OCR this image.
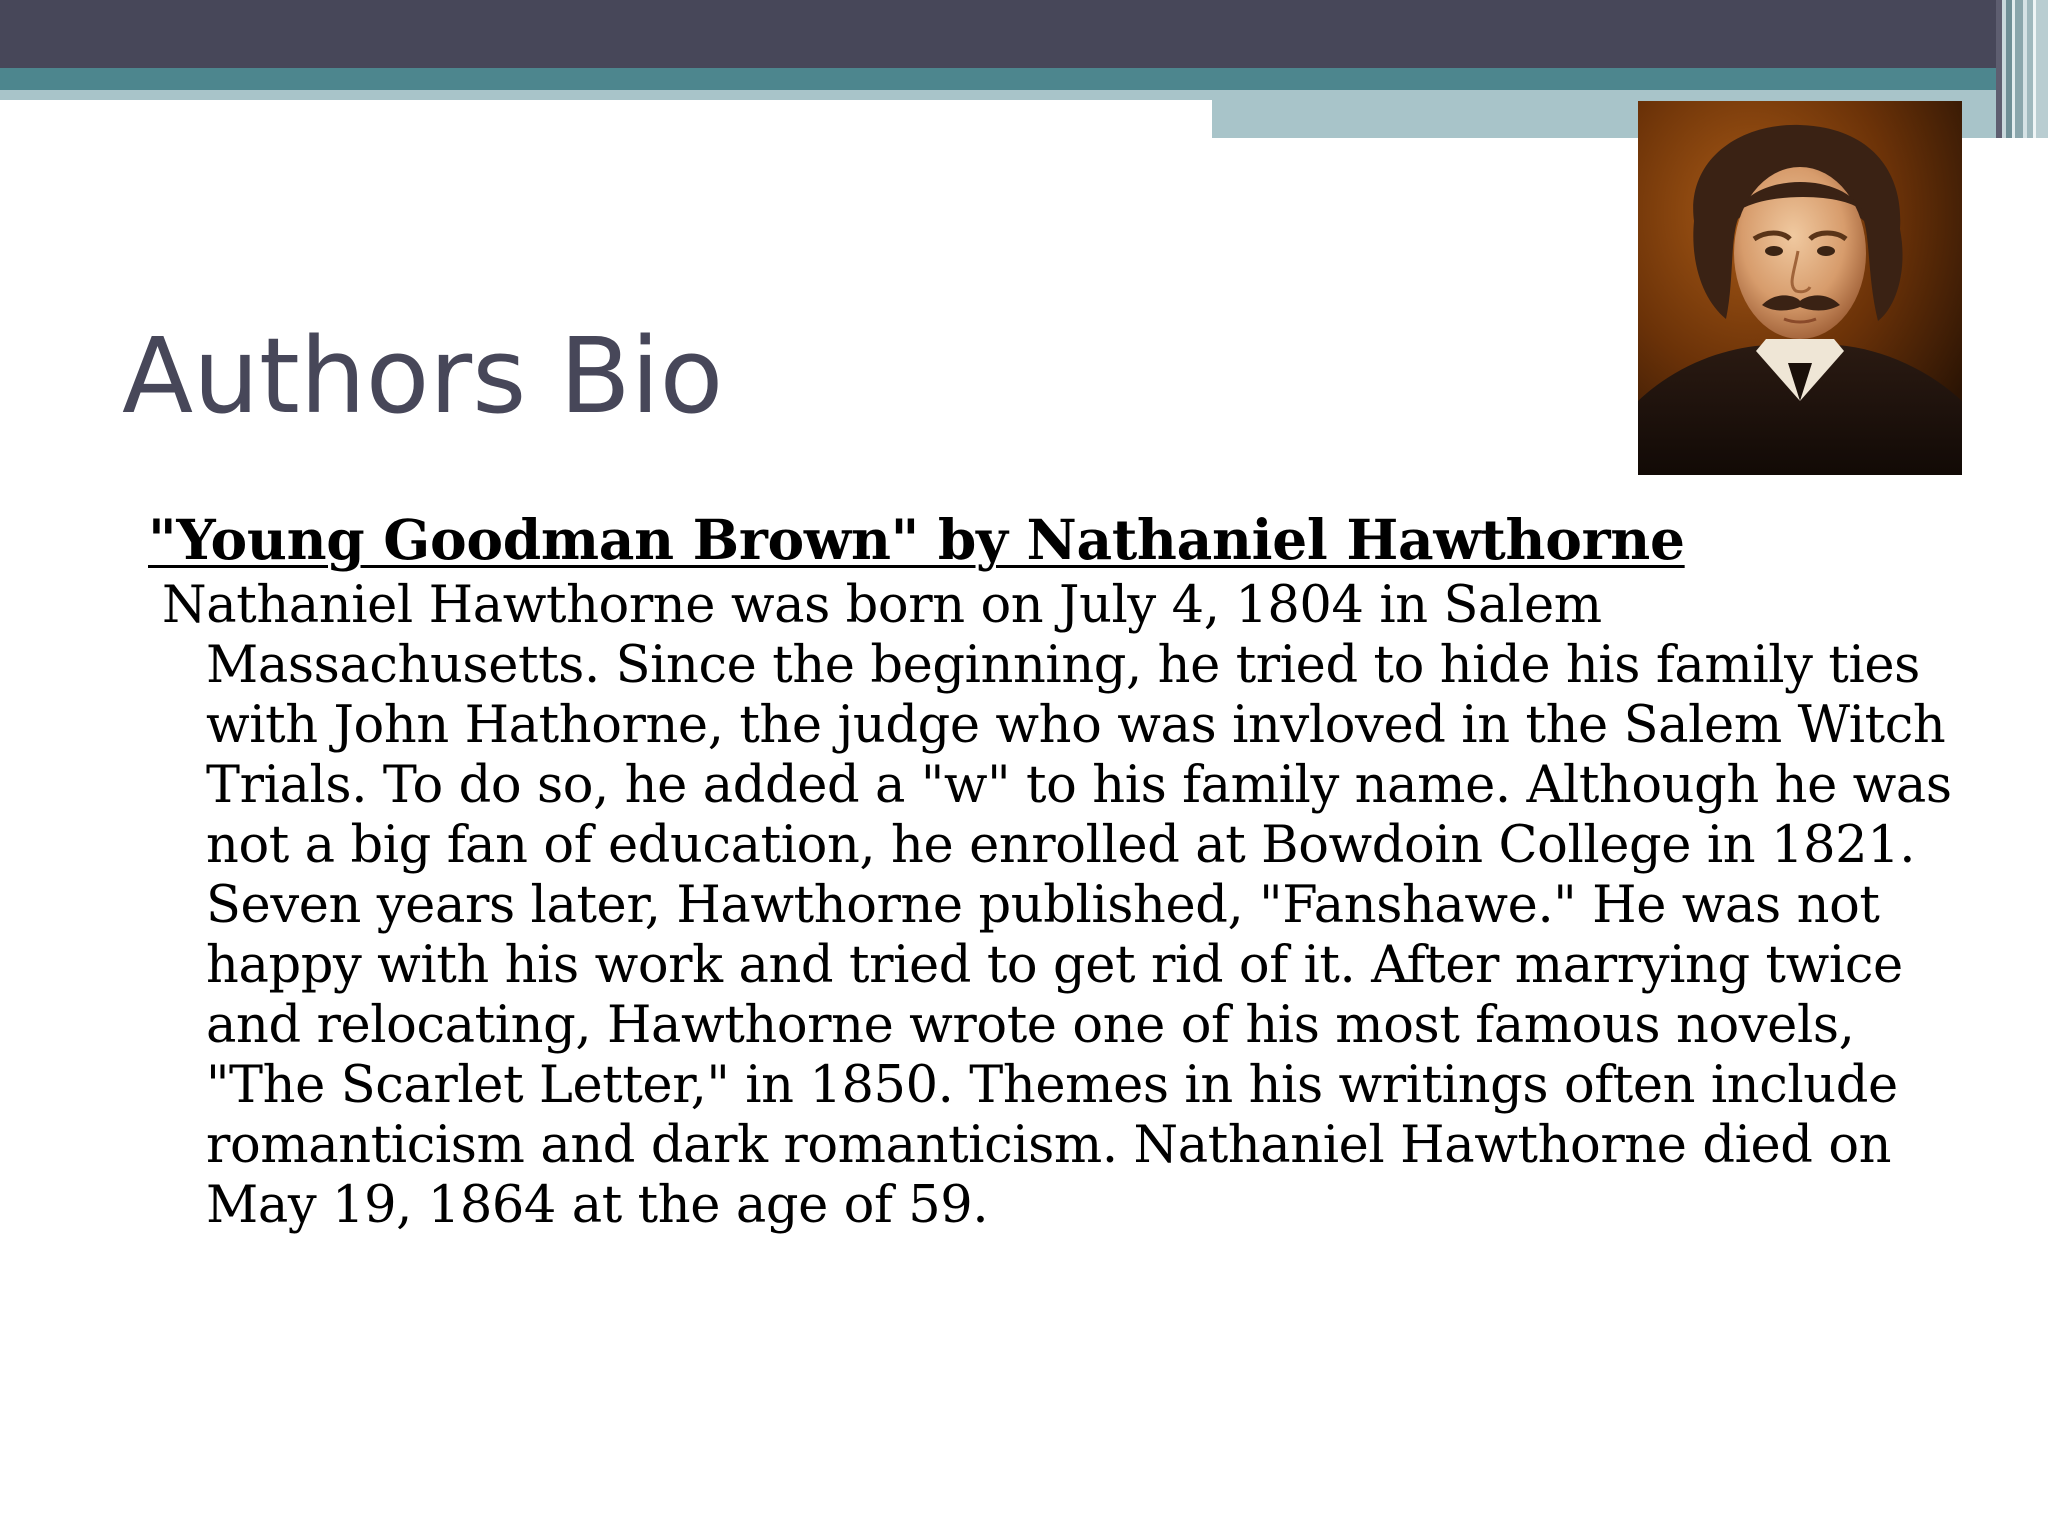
Authors Bio

"Young Goodman Brown" by Nathaniel Hawthorne

Nathaniel Hawthorne was born on July 4, 1804 in Salem Massachusetts. Since the beginning, he tried to hide his family ties with John Hathorne, the judge who was invloved in the Salem Witch Trials. To do so, he added a "w" to his family name. Although he was not a big fan of education, he enrolled at Bowdoin College in 1821. Seven years later, Hawthorne published, "Fanshawe." He was not happy with his work and tried to get rid of it. After marrying twice and relocating, Hawthorne wrote one of his most famous novels, "The Scarlet Letter," in 1850. Themes in his writings often include romanticism and dark romanticism. Nathaniel Hawthorne died on May 19, 1864 at the age of 59.
